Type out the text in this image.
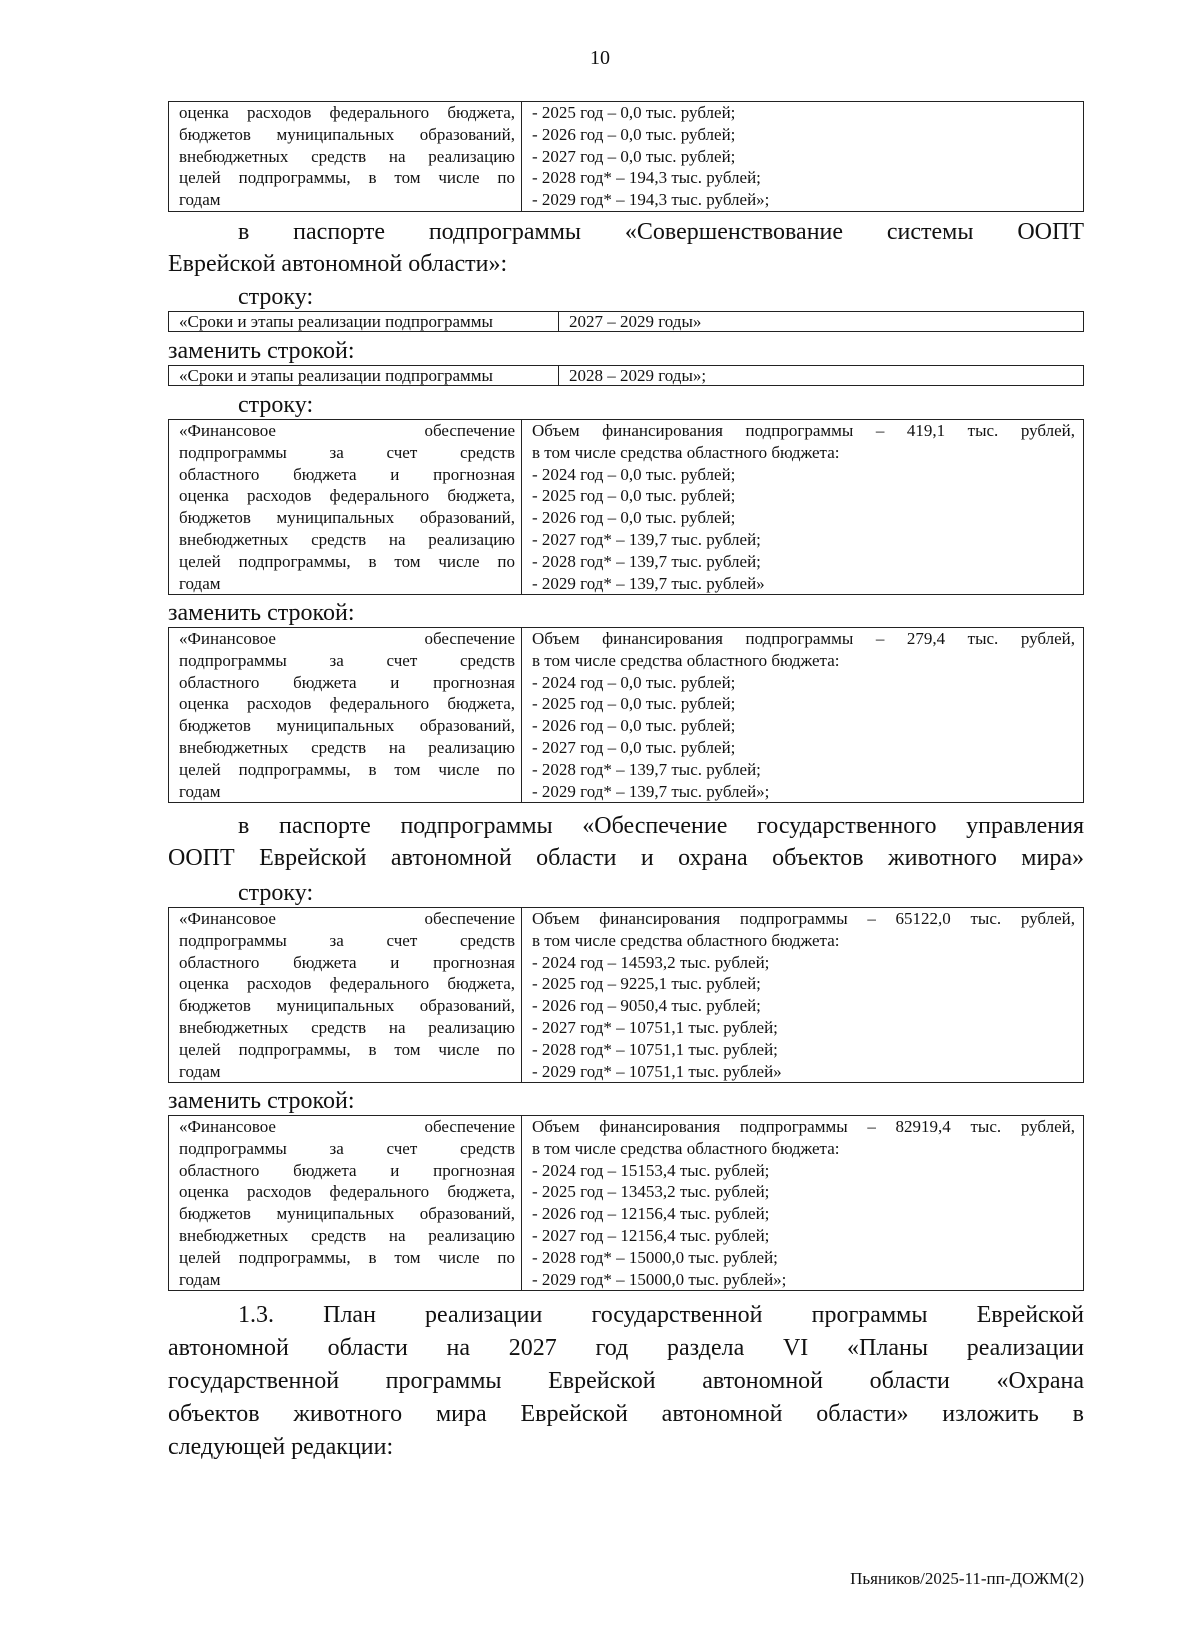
10
оценка расходов федерального бюджета,
бюджетов муниципальных образований,
внебюджетных средств на реализацию
целей подпрограммы, в том числе по
годам
- 2025 год – 0,0 тыс. рублей;
- 2026 год – 0,0 тыс. рублей;
- 2027 год – 0,0 тыс. рублей;
- 2028 год* – 194,3 тыс. рублей;
- 2029 год* – 194,3 тыс. рублей»;
в паспорте подпрограммы «Совершенствование системы ООПТ
Еврейской автономной области»:
строку:
«Сроки и этапы реализации подпрограммы	2027 – 2029 годы»
заменить строкой:
«Сроки и этапы реализации подпрограммы	2028 – 2029 годы»;
строку:
«Финансовое обеспечение
подпрограммы за счет средств
областного бюджета и прогнозная
оценка расходов федерального бюджета,
бюджетов муниципальных образований,
внебюджетных средств на реализацию
целей подпрограммы, в том числе по
годам
Объем финансирования подпрограммы – 419,1 тыс. рублей,
в том числе средства областного бюджета:
- 2024 год – 0,0 тыс. рублей;
- 2025 год – 0,0 тыс. рублей;
- 2026 год – 0,0 тыс. рублей;
- 2027 год* – 139,7 тыс. рублей;
- 2028 год* – 139,7 тыс. рублей;
- 2029 год* – 139,7 тыс. рублей»
заменить строкой:
«Финансовое обеспечение
подпрограммы за счет средств
областного бюджета и прогнозная
оценка расходов федерального бюджета,
бюджетов муниципальных образований,
внебюджетных средств на реализацию
целей подпрограммы, в том числе по
годам
Объем финансирования подпрограммы – 279,4 тыс. рублей,
в том числе средства областного бюджета:
- 2024 год – 0,0 тыс. рублей;
- 2025 год – 0,0 тыс. рублей;
- 2026 год – 0,0 тыс. рублей;
- 2027 год – 0,0 тыс. рублей;
- 2028 год* – 139,7 тыс. рублей;
- 2029 год* – 139,7 тыс. рублей»;
в паспорте подпрограммы «Обеспечение государственного управления
ООПТ Еврейской автономной области и охрана объектов животного мира»
строку:
«Финансовое обеспечение
подпрограммы за счет средств
областного бюджета и прогнозная
оценка расходов федерального бюджета,
бюджетов муниципальных образований,
внебюджетных средств на реализацию
целей подпрограммы, в том числе по
годам
Объем финансирования подпрограммы – 65122,0 тыс. рублей,
в том числе средства областного бюджета:
- 2024 год – 14593,2 тыс. рублей;
- 2025 год – 9225,1 тыс. рублей;
- 2026 год – 9050,4 тыс. рублей;
- 2027 год* – 10751,1 тыс. рублей;
- 2028 год* – 10751,1 тыс. рублей;
- 2029 год* – 10751,1 тыс. рублей»
заменить строкой:
«Финансовое обеспечение
подпрограммы за счет средств
областного бюджета и прогнозная
оценка расходов федерального бюджета,
бюджетов муниципальных образований,
внебюджетных средств на реализацию
целей подпрограммы, в том числе по
годам
Объем финансирования подпрограммы – 82919,4 тыс. рублей,
в том числе средства областного бюджета:
- 2024 год – 15153,4 тыс. рублей;
- 2025 год – 13453,2 тыс. рублей;
- 2026 год – 12156,4 тыс. рублей;
- 2027 год – 12156,4 тыс. рублей;
- 2028 год* – 15000,0 тыс. рублей;
- 2029 год* – 15000,0 тыс. рублей»;
1.3. План реализации государственной программы Еврейской
автономной области на 2027 год раздела VI «Планы реализации
государственной программы Еврейской автономной области «Охрана
объектов животного мира Еврейской автономной области» изложить в
следующей редакции:
Пьяников/2025-11-пп-ДОЖМ(2)
